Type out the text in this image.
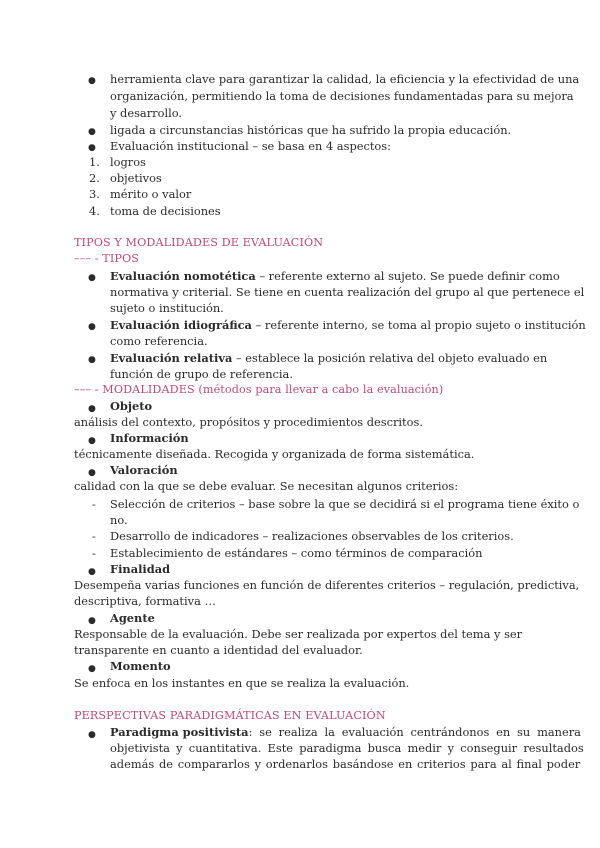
● herramienta clave para garantizar la calidad, la eficiencia y la efectividad de una
organización, permitiendo la toma de decisiones fundamentadas para su mejora
y desarrollo.
● ligada a circunstancias históricas que ha sufrido la propia educación.
● Evaluación institucional – se basa en 4 aspectos:
1. logros
2. objetivos
3. mérito o valor
4. toma de decisiones
TIPOS Y MODALIDADES DE EVALUACIÓN
––– - TIPOS
● Evaluación nomotética – referente externo al sujeto. Se puede definir como
normativa y criterial. Se tiene en cuenta realización del grupo al que pertenece el
sujeto o institución.
● Evaluación idiográfica – referente interno, se toma al propio sujeto o institución
como referencia.
● Evaluación relativa – establece la posición relativa del objeto evaluado en
función de grupo de referencia.
––– - MODALIDADES (métodos para llevar a cabo la evaluación)
● Objeto
análisis del contexto, propósitos y procedimientos descritos.
● Información
técnicamente diseñada. Recogida y organizada de forma sistemática.
● Valoración
calidad con la que se debe evaluar. Se necesitan algunos criterios:
- Selección de criterios – base sobre la que se decidirá si el programa tiene éxito o
no.
- Desarrollo de indicadores – realizaciones observables de los criterios.
- Establecimiento de estándares – como términos de comparación
● Finalidad
Desempeña varias funciones en función de diferentes criterios – regulación, predictiva,
descriptiva, formativa …
● Agente
Responsable de la evaluación. Debe ser realizada por expertos del tema y ser
transparente en cuanto a identidad del evaluador.
● Momento
Se enfoca en los instantes en que se realiza la evaluación.
PERSPECTIVAS PARADIGMÁTICAS EN EVALUACIÓN
● Paradigma positivista: se realiza la evaluación centrándonos en su manera
objetivista y cuantitativa. Este paradigma busca medir y conseguir resultados
además de compararlos y ordenarlos basándose en criterios para al final poder
